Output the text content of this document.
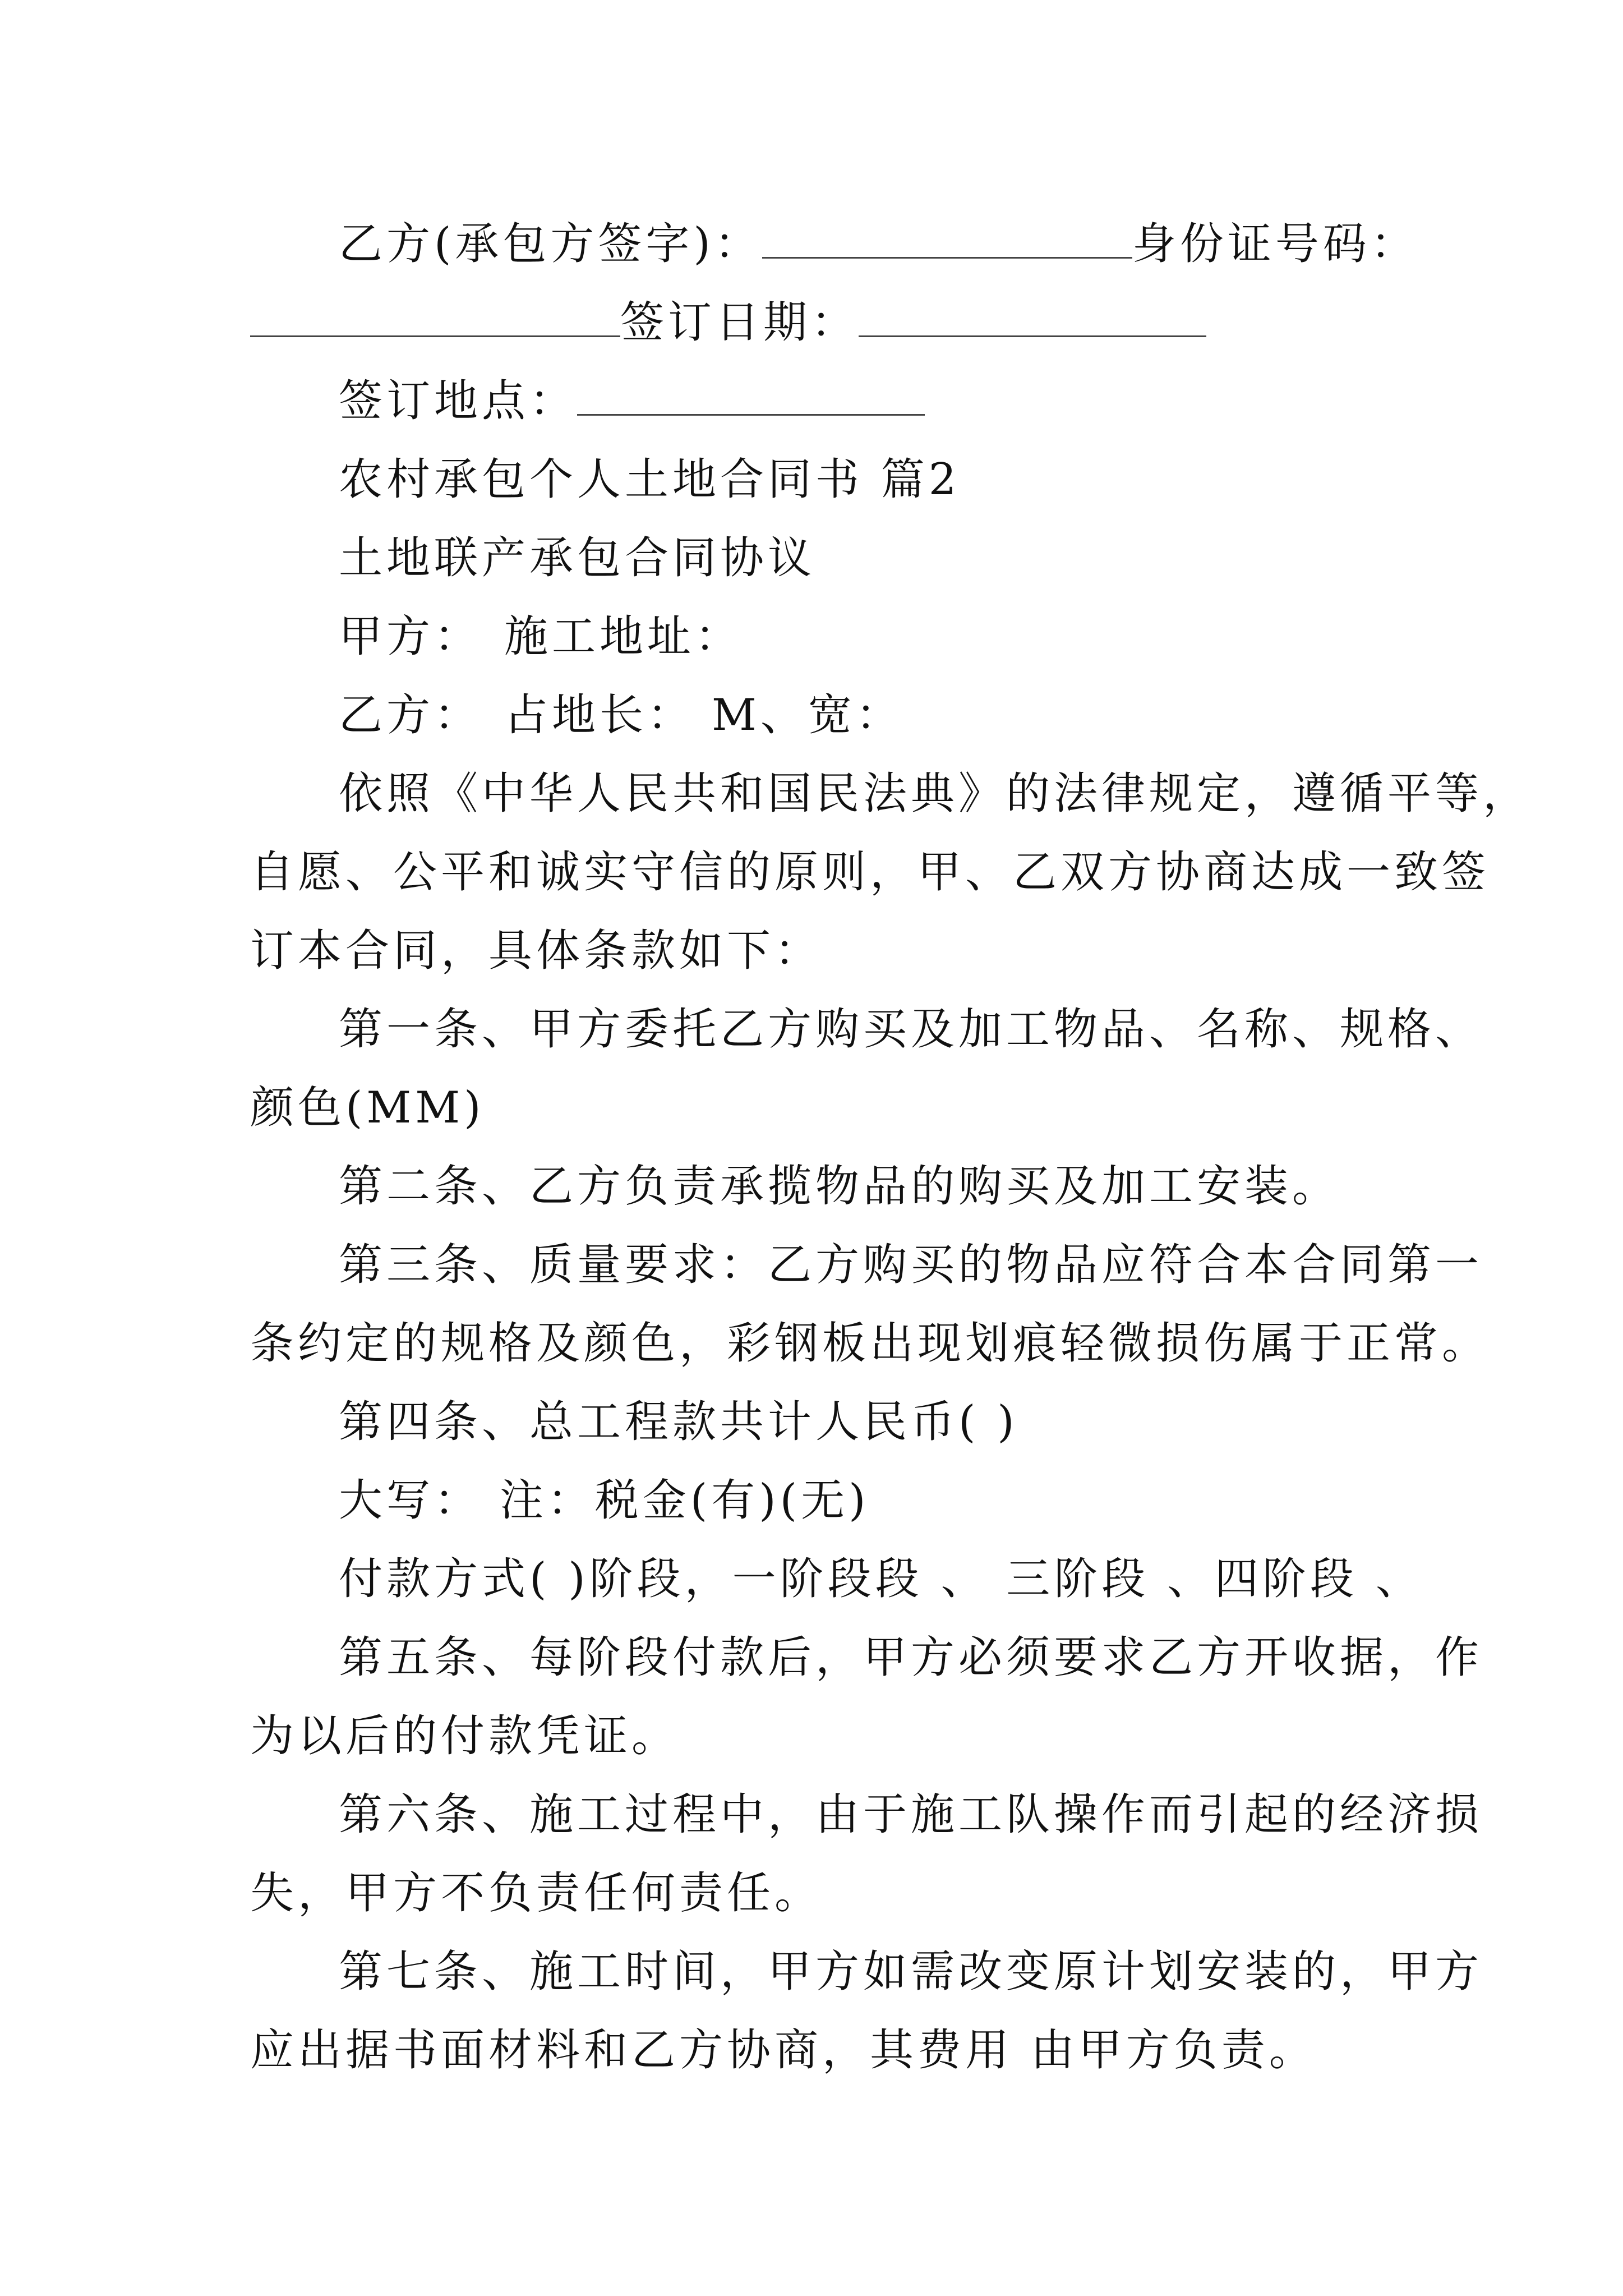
乙方(承包方签字)：	身份证号码：
签订日期：
签订地点：
农村承包个人土地合同书 篇2
土地联产承包合同协议
甲方： 施工地址：
乙方： 占地长： M、宽：
依照《中华人民共和国民法典》的法律规定，遵循平等，
自愿、公平和诚实守信的原则，甲、乙双方协商达成一致签
订本合同，具体条款如下：
第一条、甲方委托乙方购买及加工物品、名称、规格、
颜色(MM)
第二条、乙方负责承揽物品的购买及加工安装。
第三条、质量要求：乙方购买的物品应符合本合同第一
条约定的规格及颜色，彩钢板出现划痕轻微损伤属于正常。
第四条、总工程款共计人民币( )
大写： 注：税金(有)(无)
付款方式( )阶段，一阶段段 、 三阶段 、四阶段 、
第五条、每阶段付款后，甲方必须要求乙方开收据，作
为以后的付款凭证。
第六条、施工过程中，由于施工队操作而引起的经济损
失，甲方不负责任何责任。
第七条、施工时间，甲方如需改变原计划安装的，甲方
应出据书面材料和乙方协商，其费用 由甲方负责。
